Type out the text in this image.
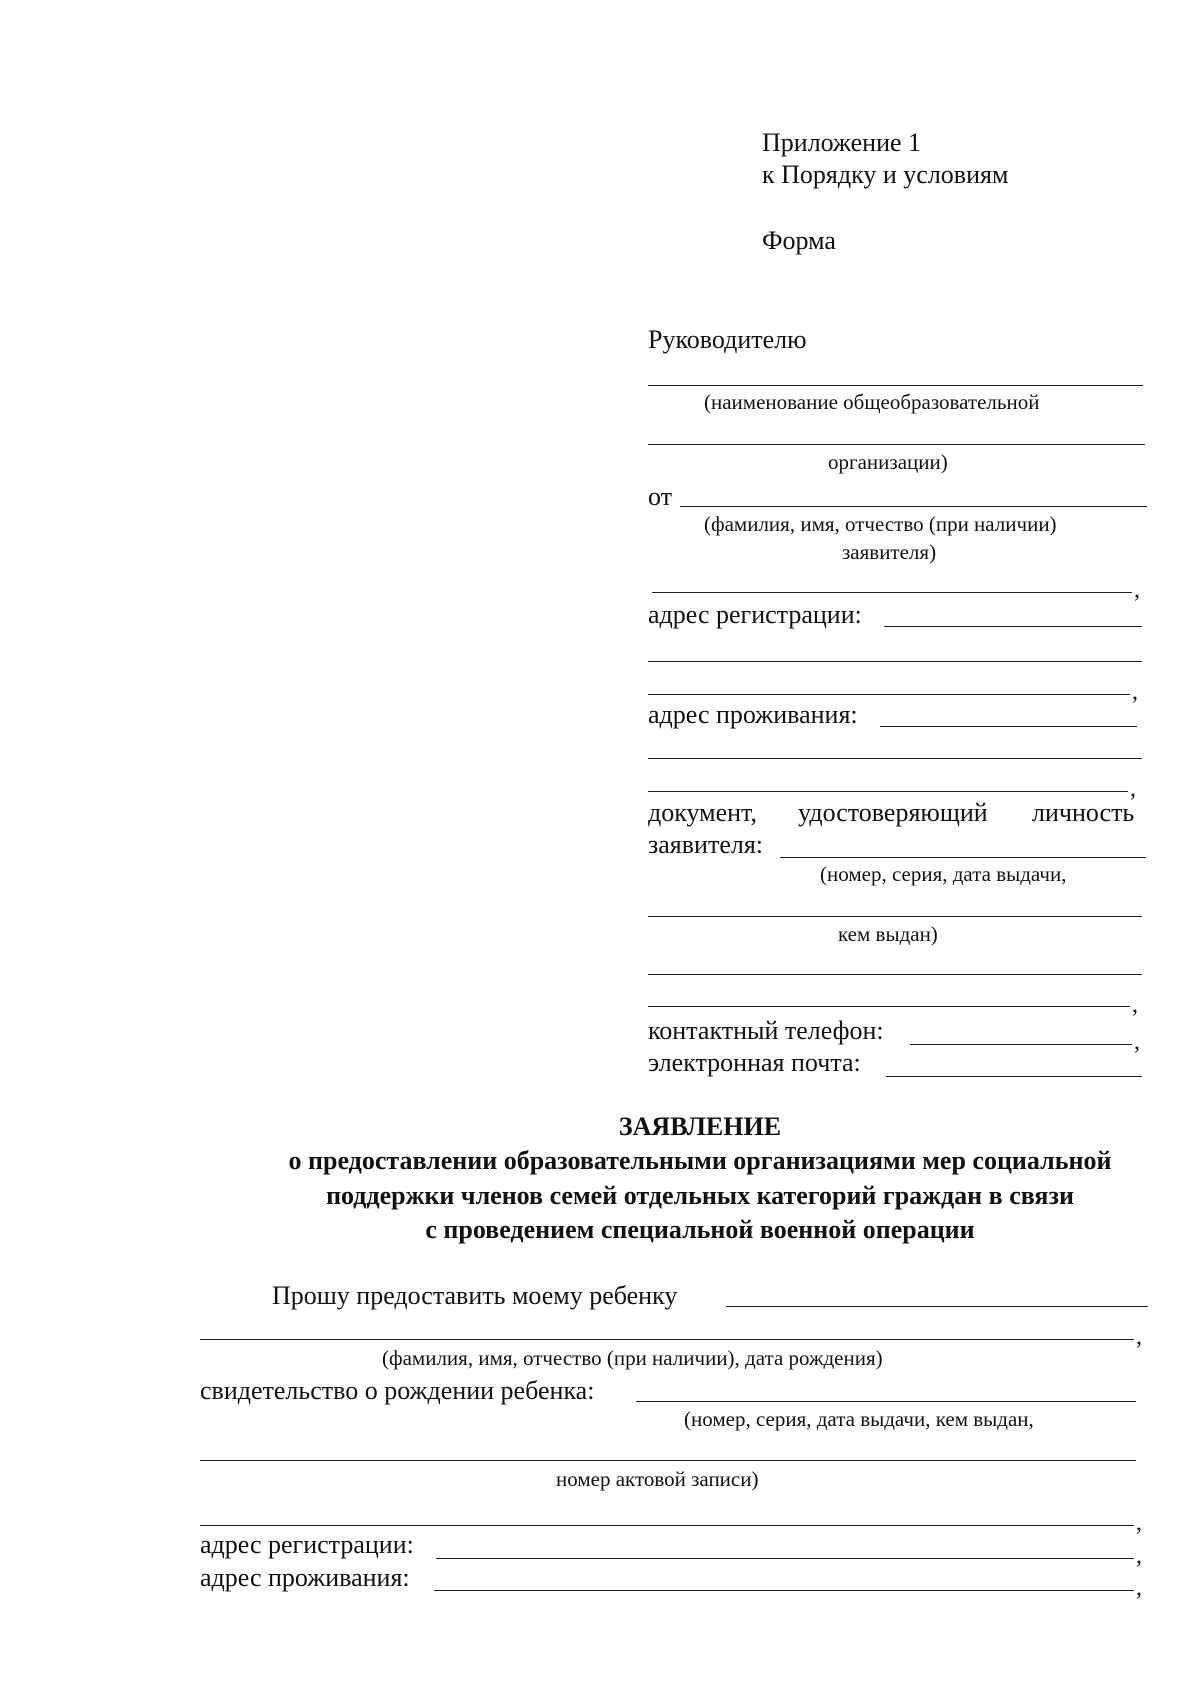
Приложение 1
к Порядку и условиям
Форма
Руководителю
(наименование общеобразовательной
организации)
от
(фамилия, имя, отчество (при наличии)
заявителя)
,
адрес регистрации:
,
адрес проживания:
,
документ, удостоверяющий личность
заявителя:
(номер, серия, дата выдачи,
кем выдан)
,
контактный телефон:	,
электронная почта:
ЗАЯВЛЕНИЕ
о предоставлении образовательными организациями мер социальной
поддержки членов семей отдельных категорий граждан в связи
с проведением специальной военной операции
Прошу предоставить моему ребенку
,
(фамилия, имя, отчество (при наличии), дата рождения)
свидетельство о рождении ребенка:
(номер, серия, дата выдачи, кем выдан,
номер актовой записи)
,
адрес регистрации:	,
адрес проживания:	,
